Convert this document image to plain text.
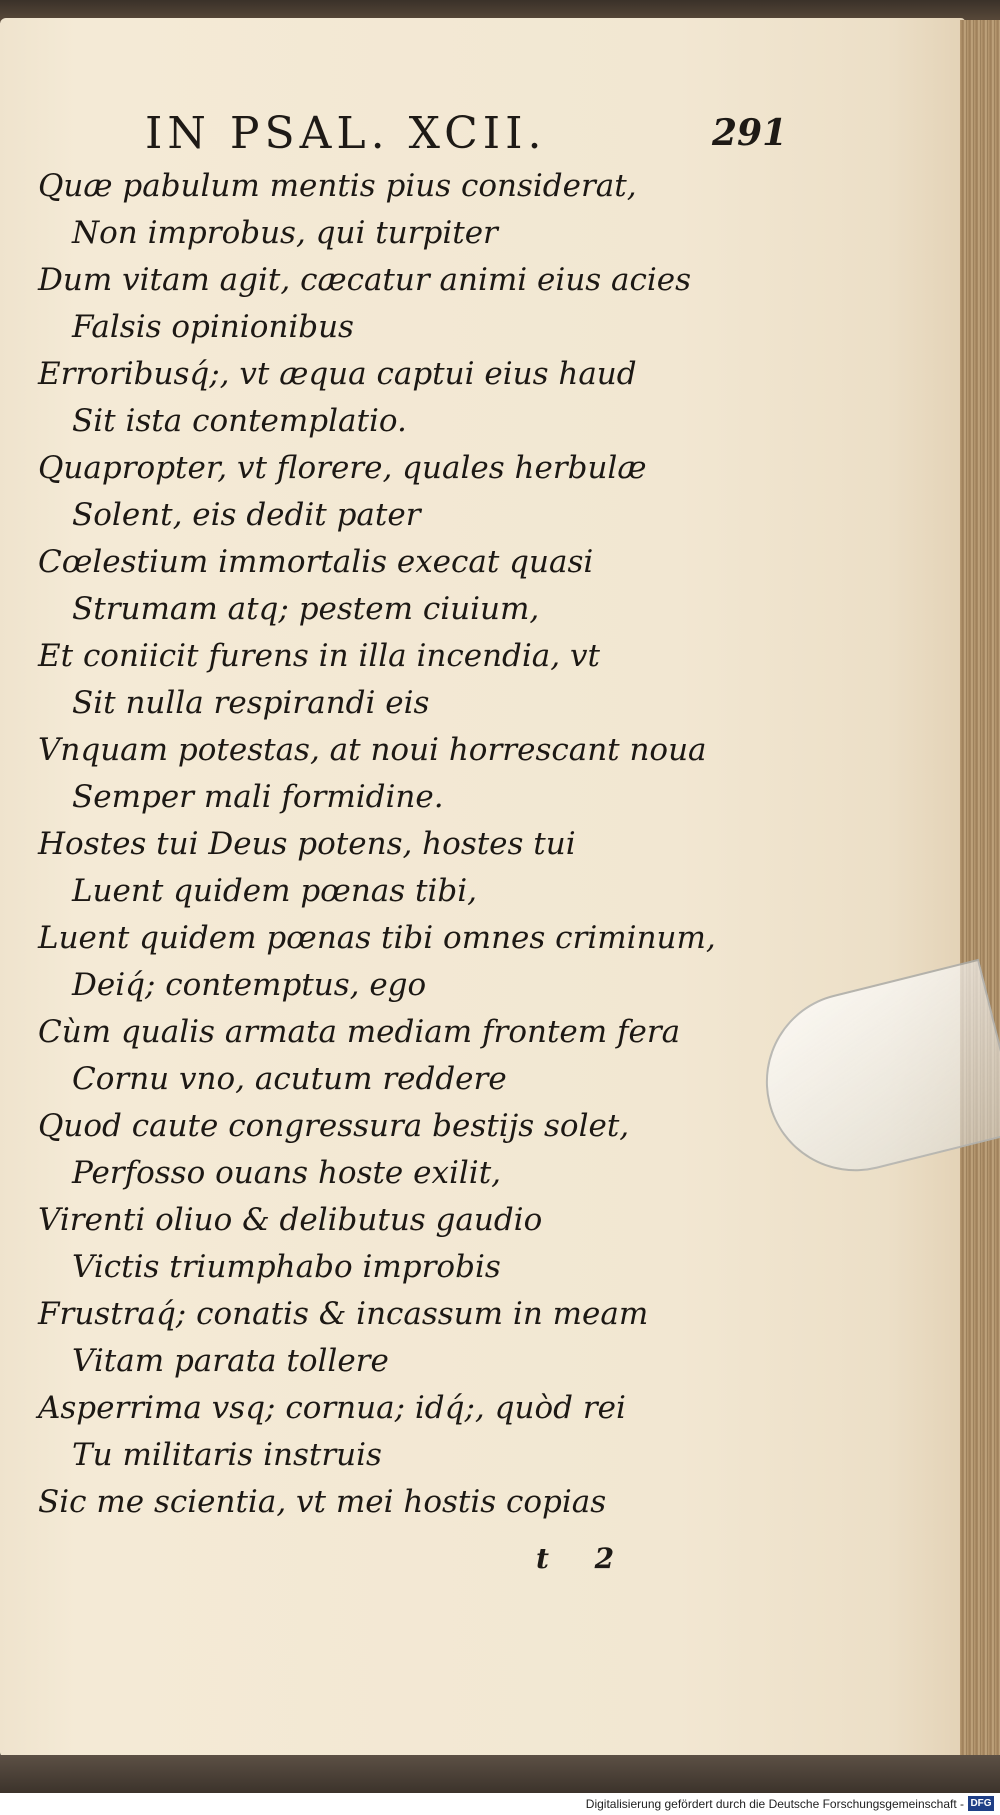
IN PSAL. XCII.	291
Quæ pabulum mentis pius considerat,
Non improbus, qui turpiter
Dum vitam agit, cæcatur animi eius acies
Falsis opinionibus
Erroribusq́;, vt æqua captui eius haud
Sit ista contemplatio.
Quapropter, vt florere, quales herbulæ
Solent, eis dedit pater
Cœlestium immortalis execat quasi
Strumam atq; pestem ciuium,
Et coniicit furens in illa incendia, vt
Sit nulla respirandi eis
Vnquam potestas, at noui horrescant noua
Semper mali formidine.
Hostes tui Deus potens, hostes tui
Luent quidem pœnas tibi,
Luent quidem pœnas tibi omnes criminum,
Deiq́; contemptus, ego
Cùm qualis armata mediam frontem fera
Cornu vno, acutum reddere
Quod caute congressura bestijs solet,
Perfosso ouans hoste exilit,
Virenti oliuo & delibutus gaudio
Victis triumphabo improbis
Frustraq́; conatis & incassum in meam
Vitam parata tollere
Asperrima vsq; cornua; idq́;, quòd rei
Tu militaris instruis
Sic me scientia, vt mei hostis copias
t 2
Digitalisierung gefördert durch die Deutsche Forschungsgemeinschaft - DFG
